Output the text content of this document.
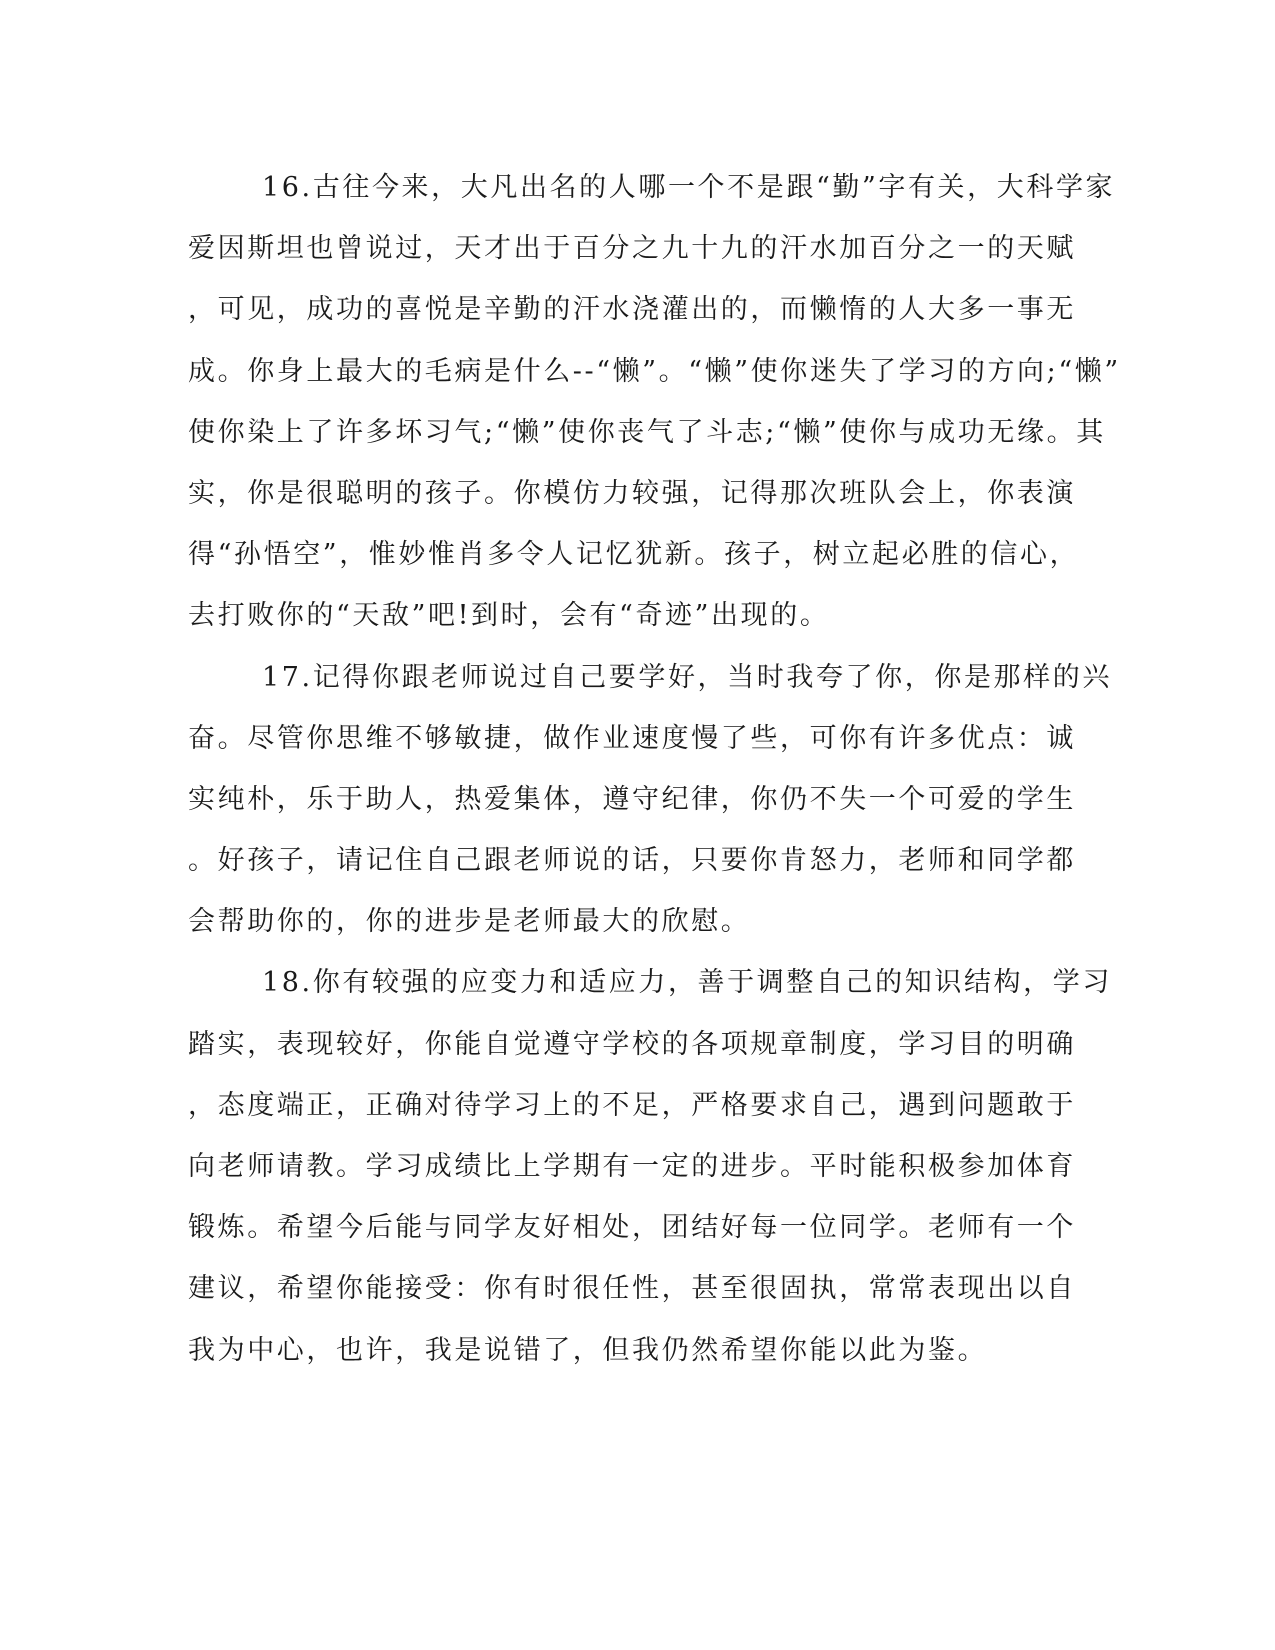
16.古往今来，大凡出名的人哪一个不是跟“勤”字有关，大科学家
爱因斯坦也曾说过，天才出于百分之九十九的汗水加百分之一的天赋
，可见，成功的喜悦是辛勤的汗水浇灌出的，而懒惰的人大多一事无
成。你身上最大的毛病是什么--“懒”。“懒”使你迷失了学习的方向;“懒”
使你染上了许多坏习气;“懒”使你丧气了斗志;“懒”使你与成功无缘。其
实，你是很聪明的孩子。你模仿力较强，记得那次班队会上，你表演
得“孙悟空”，惟妙惟肖多令人记忆犹新。孩子，树立起必胜的信心，
去打败你的“天敌”吧!到时，会有“奇迹”出现的。
17.记得你跟老师说过自己要学好，当时我夸了你，你是那样的兴
奋。尽管你思维不够敏捷，做作业速度慢了些，可你有许多优点：诚
实纯朴，乐于助人，热爱集体，遵守纪律，你仍不失一个可爱的学生
。好孩子，请记住自己跟老师说的话，只要你肯怒力，老师和同学都
会帮助你的，你的进步是老师最大的欣慰。
18.你有较强的应变力和适应力，善于调整自己的知识结构，学习
踏实，表现较好，你能自觉遵守学校的各项规章制度，学习目的明确
，态度端正，正确对待学习上的不足，严格要求自己，遇到问题敢于
向老师请教。学习成绩比上学期有一定的进步。平时能积极参加体育
锻炼。希望今后能与同学友好相处，团结好每一位同学。老师有一个
建议，希望你能接受：你有时很任性，甚至很固执，常常表现出以自
我为中心，也许，我是说错了，但我仍然希望你能以此为鉴。
